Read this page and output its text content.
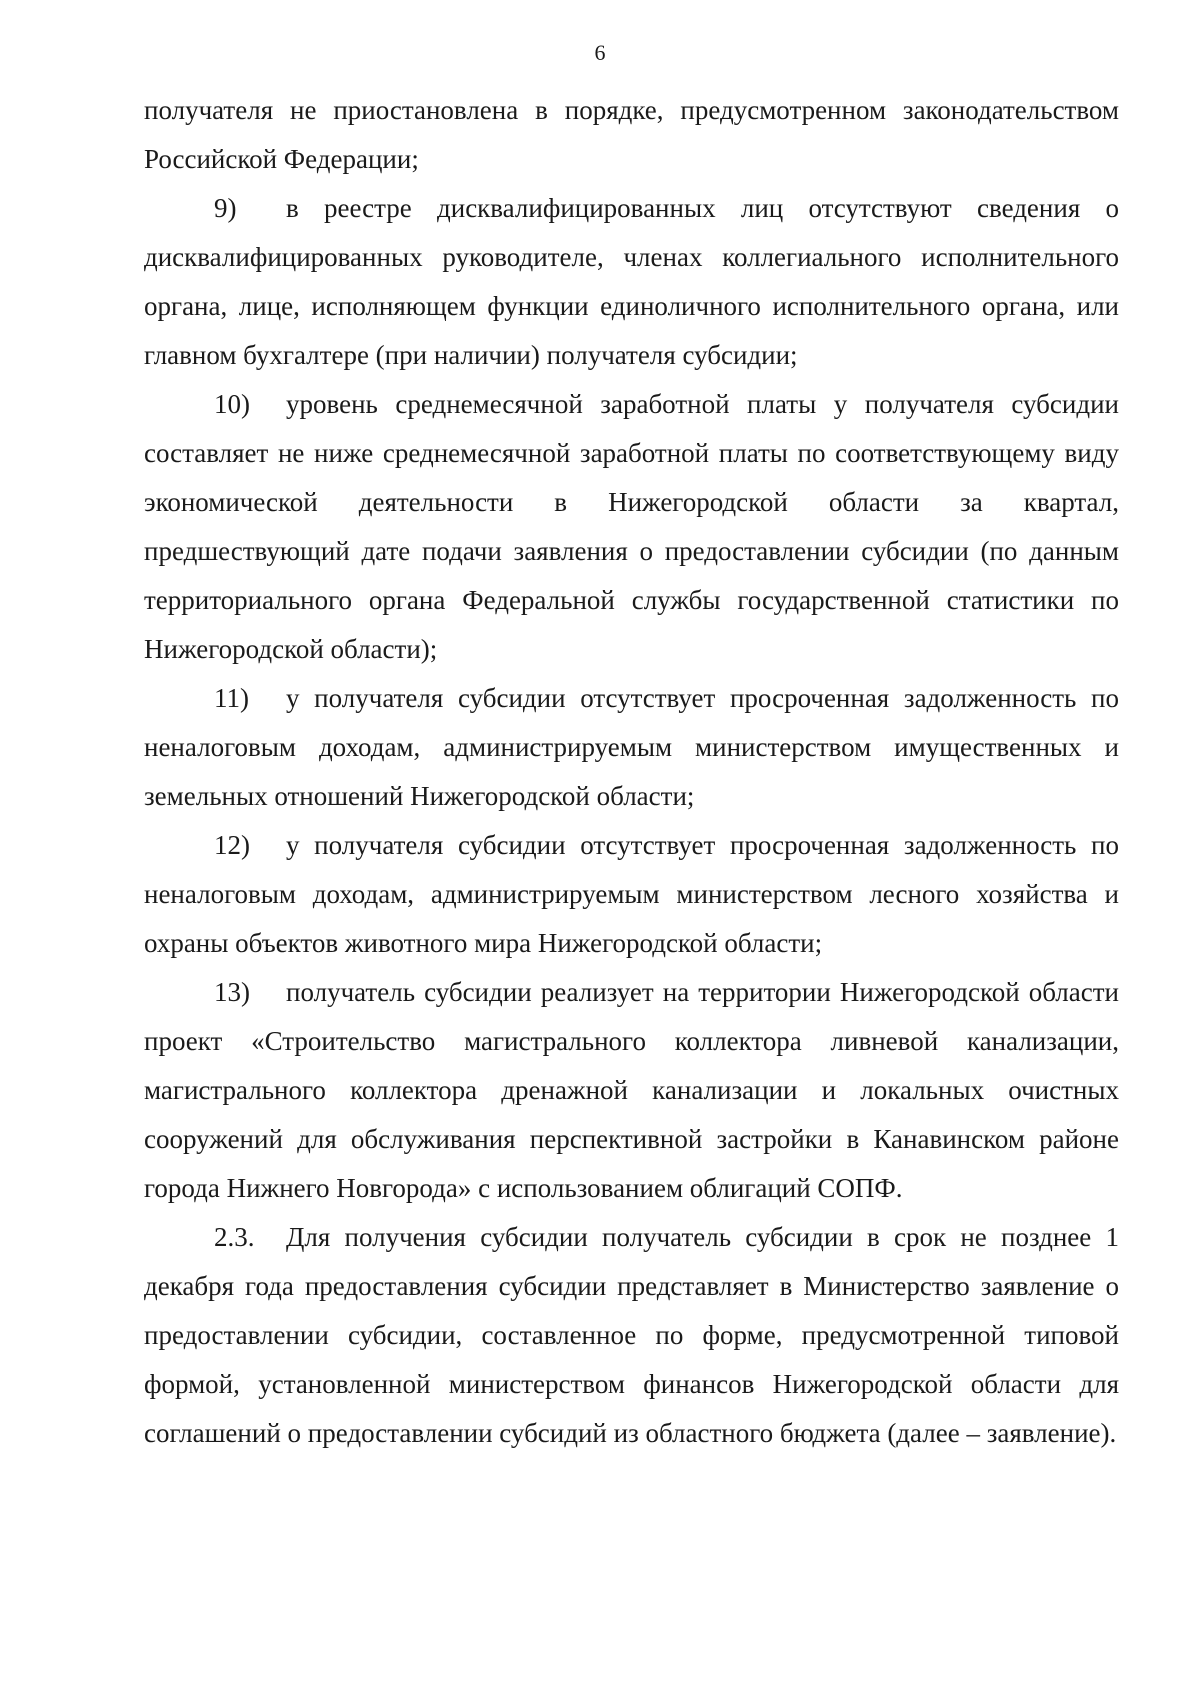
6

получателя не приостановлена в порядке, предусмотренном законодательством Российской Федерации;

9) в реестре дисквалифицированных лиц отсутствуют сведения о дисквалифицированных руководителе, членах коллегиального исполнительного органа, лице, исполняющем функции единоличного исполнительного органа, или главном бухгалтере (при наличии) получателя субсидии;

10) уровень среднемесячной заработной платы у получателя субсидии составляет не ниже среднемесячной заработной платы по соответствующему виду экономической деятельности в Нижегородской области за квартал, предшествующий дате подачи заявления о предоставлении субсидии (по данным территориального органа Федеральной службы государственной статистики по Нижегородской области);

11) у получателя субсидии отсутствует просроченная задолженность по неналоговым доходам, администрируемым министерством имущественных и земельных отношений Нижегородской области;

12) у получателя субсидии отсутствует просроченная задолженность по неналоговым доходам, администрируемым министерством лесного хозяйства и охраны объектов животного мира Нижегородской области;

13) получатель субсидии реализует на территории Нижегородской области проект «Строительство магистрального коллектора ливневой канализации, магистрального коллектора дренажной канализации и локальных очистных сооружений для обслуживания перспективной застройки в Канавинском районе города Нижнего Новгорода» с использованием облигаций СОПФ.

2.3. Для получения субсидии получатель субсидии в срок не позднее 1 декабря года предоставления субсидии представляет в Министерство заявление о предоставлении субсидии, составленное по форме, предусмотренной типовой формой, установленной министерством финансов Нижегородской области для соглашений о предоставлении субсидий из областного бюджета (далее – заявление).
